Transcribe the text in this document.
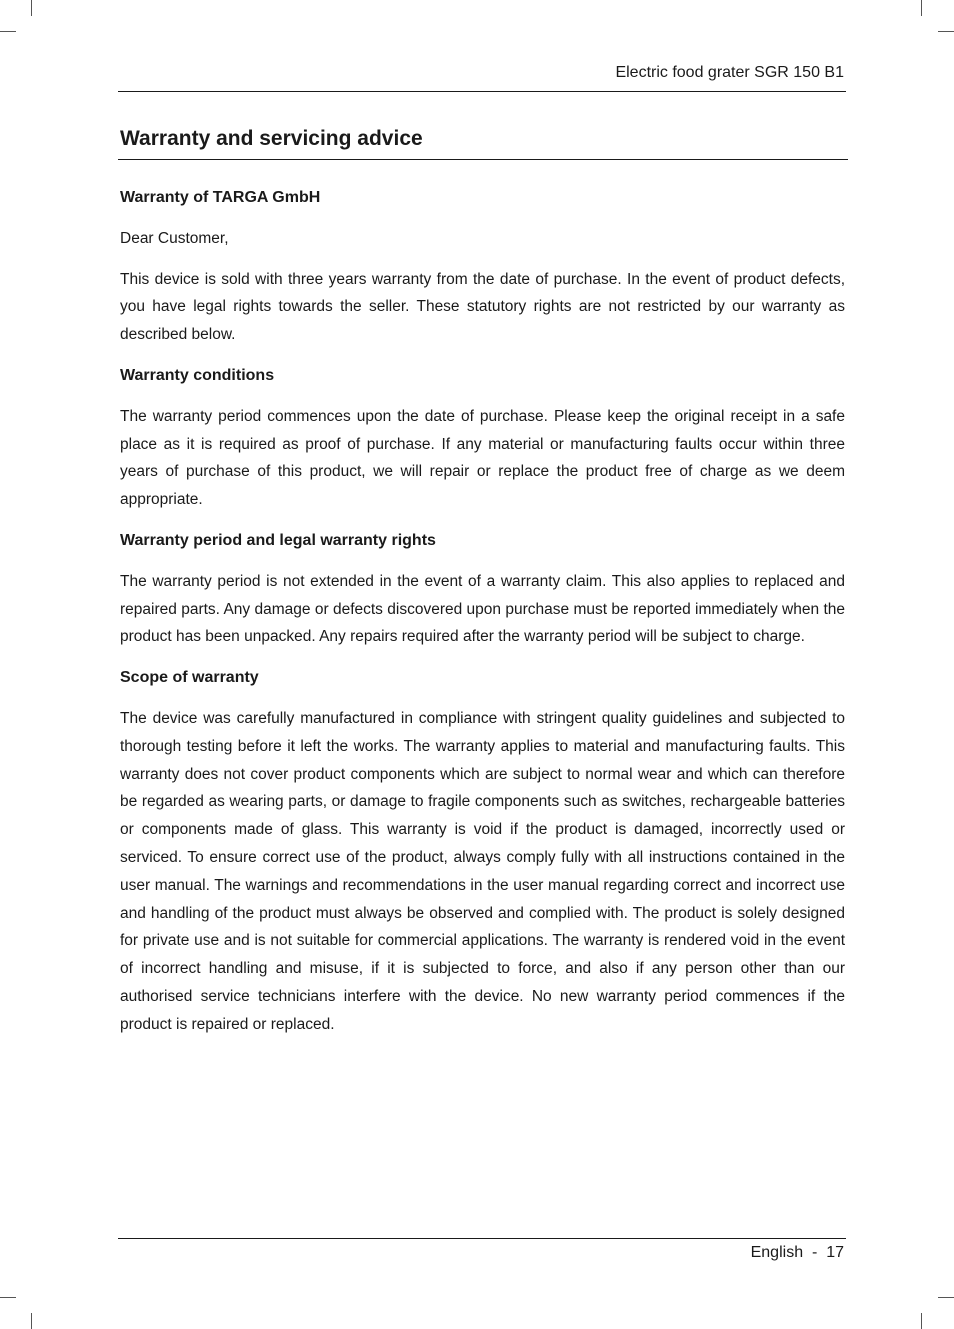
Electric food grater SGR 150 B1
Warranty and servicing advice
Warranty of TARGA GmbH

Dear Customer,

This device is sold with three years warranty from the date of purchase. In the event of product defects, you have legal rights towards the seller. These statutory rights are not restricted by our warranty as described below.

Warranty conditions

The warranty period commences upon the date of purchase. Please keep the original receipt in a safe place as it is required as proof of purchase. If any material or manufacturing faults occur within three years of purchase of this product, we will repair or replace the product free of charge as we deem appropriate.

Warranty period and legal warranty rights

The warranty period is not extended in the event of a warranty claim. This also applies to replaced and repaired parts. Any damage or defects discovered upon purchase must be reported immediately when the product has been unpacked. Any repairs required after the warranty period will be subject to charge.

Scope of warranty

The device was carefully manufactured in compliance with stringent quality guidelines and subjected to thorough testing before it left the works. The warranty applies to material and manufacturing faults. This warranty does not cover product components which are subject to normal wear and which can therefore be regarded as wearing parts, or damage to fragile components such as switches, rechargeable batteries or components made of glass. This warranty is void if the product is damaged, incorrectly used or serviced. To ensure correct use of the product, always comply fully with all instructions contained in the user manual. The warnings and recommendations in the user manual regarding correct and incorrect use and handling of the product must always be observed and complied with. The product is solely designed for private use and is not suitable for commercial applications. The warranty is rendered void in the event of incorrect handling and misuse, if it is subjected to force, and also if any person other than our authorised service technicians interfere with the device. No new warranty period commences if the product is repaired or replaced.

English - 17
